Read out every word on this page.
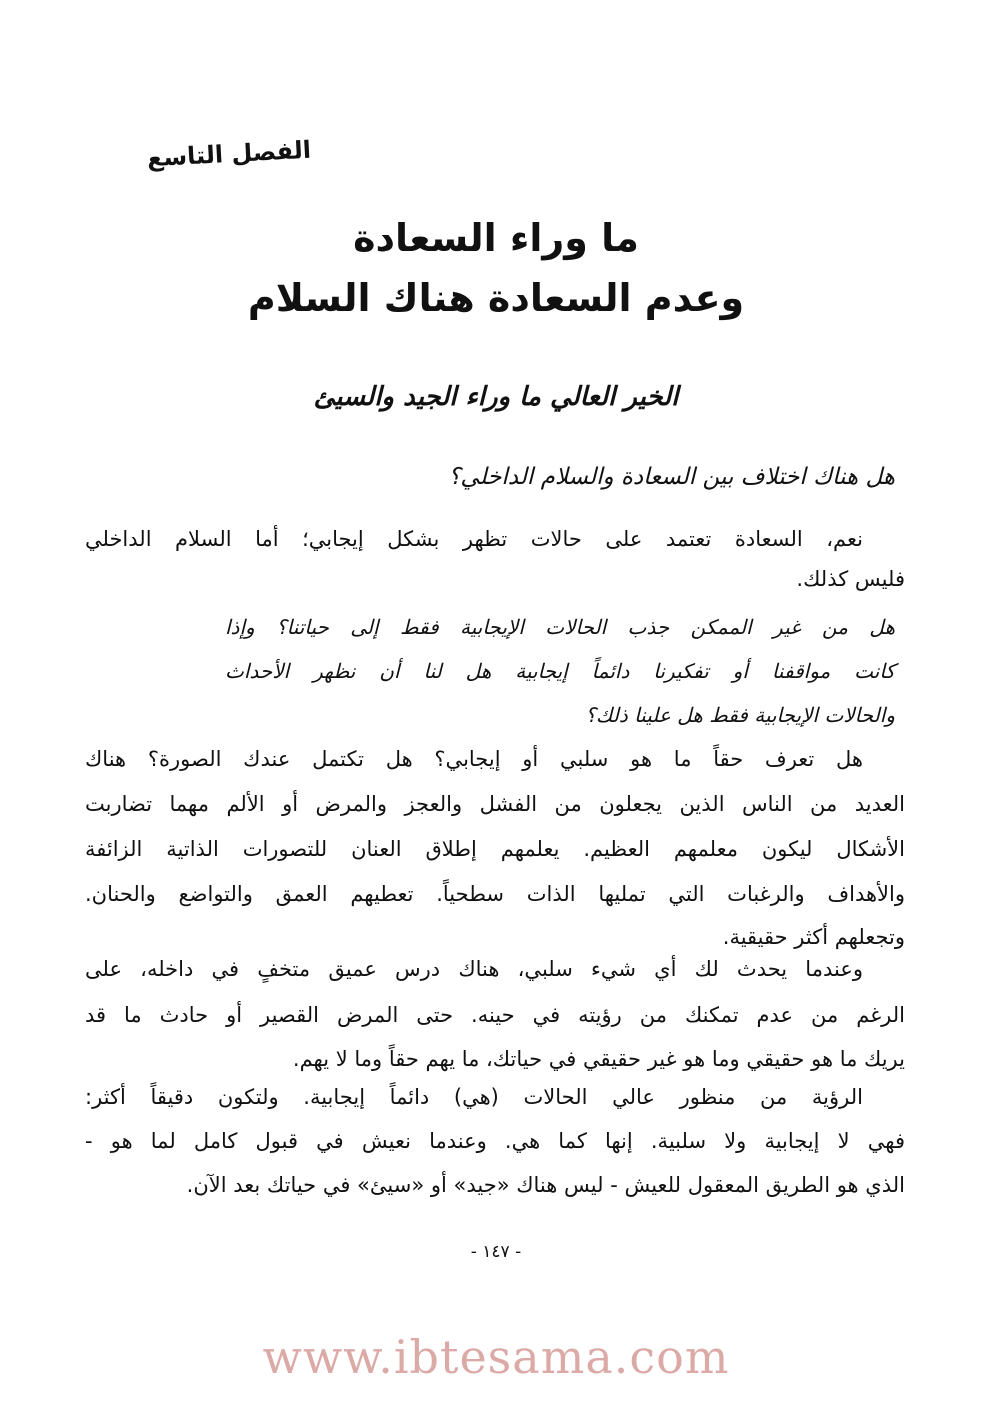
الفصل التاسع
ما وراء السعادة
وعدم السعادة هناك السلام
الخير العالي ما وراء الجيد والسيئ
هل هناك اختلاف بين السعادة والسلام الداخلي؟
نعم، السعادة تعتمد على حالات تظهر بشكل إيجابي؛ أما السلام الداخلي
فليس كذلك.
هل من غير الممكن جذب الحالات الإيجابية فقط إلى حياتنا؟ وإذا
كانت مواقفنا أو تفكيرنا دائماً إيجابية هل لنا أن نظهر الأحداث
والحالات الإيجابية فقط هل علينا ذلك؟
هل تعرف حقاً ما هو سلبي أو إيجابي؟ هل تكتمل عندك الصورة؟ هناك
العديد من الناس الذين يجعلون من الفشل والعجز والمرض أو الألم مهما تضاربت
الأشكال ليكون معلمهم العظيم. يعلمهم إطلاق العنان للتصورات الذاتية الزائفة
والأهداف والرغبات التي تمليها الذات سطحياً. تعطيهم العمق والتواضع والحنان.
وتجعلهم أكثر حقيقية.
وعندما يحدث لك أي شيء سلبي، هناك درس عميق متخفٍ في داخله، على
الرغم من عدم تمكنك من رؤيته في حينه. حتى المرض القصير أو حادث ما قد
يريك ما هو حقيقي وما هو غير حقيقي في حياتك، ما يهم حقاً وما لا يهم.
الرؤية من منظور عالي الحالات (هي) دائماً إيجابية. ولتكون دقيقاً أكثر:
فهي لا إيجابية ولا سلبية. إنها كما هي. وعندما نعيش في قبول كامل لما هو -
الذي هو الطريق المعقول للعيش - ليس هناك «جيد» أو «سيئ» في حياتك بعد الآن.
- ١٤٧ -
www.ibtesama.com
